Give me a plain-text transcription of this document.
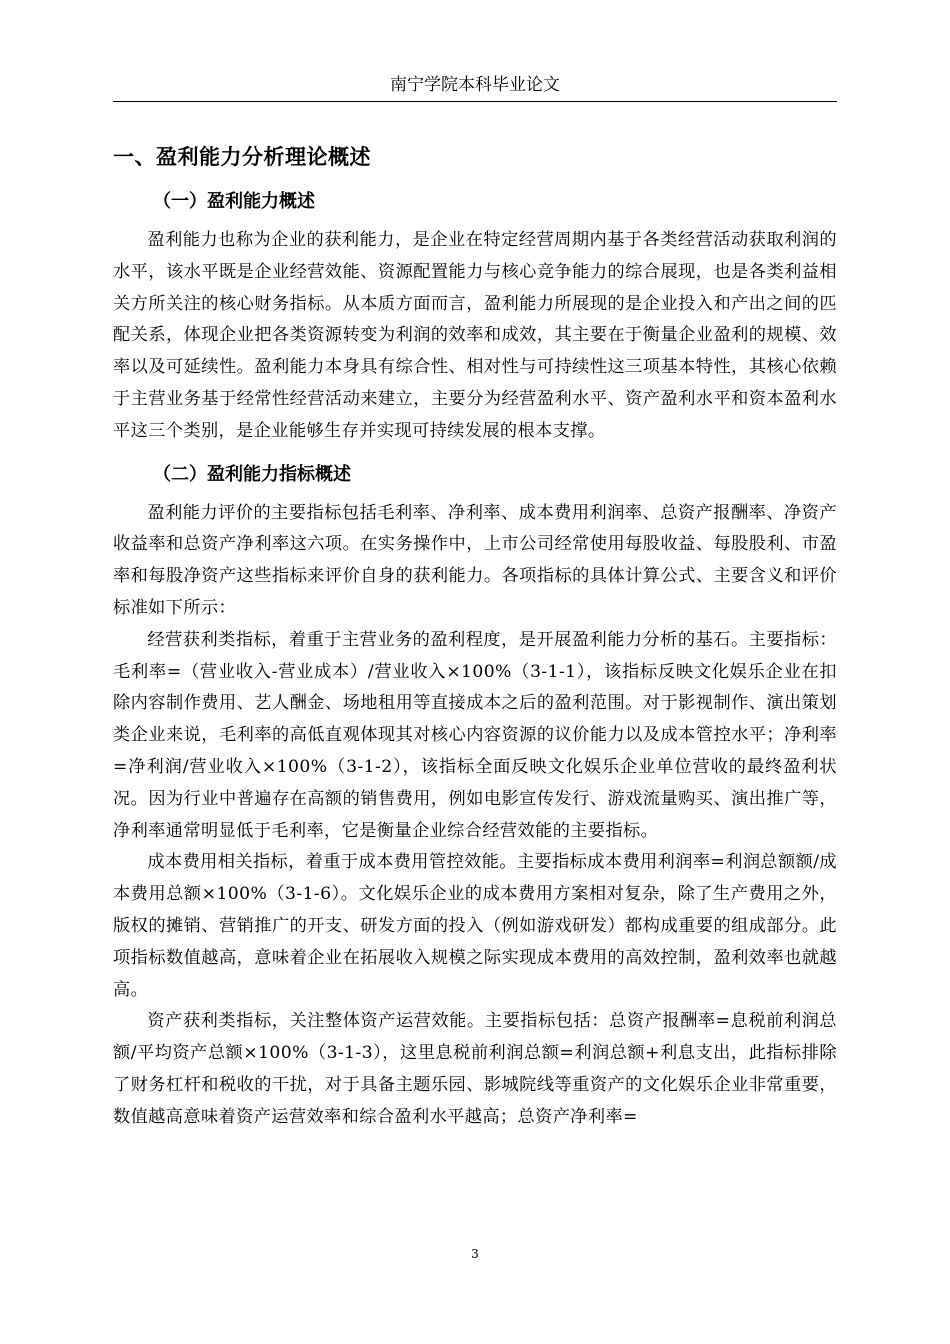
南宁学院本科毕业论文
一、盈利能力分析理论概述
（一）盈利能力概述

盈利能力也称为企业的获利能力，是企业在特定经营周期内基于各类经营活动获取利润的水平，该水平既是企业经营效能、资源配置能力与核心竞争能力的综合展现，也是各类利益相关方所关注的核心财务指标。从本质方面而言，盈利能力所展现的是企业投入和产出之间的匹配关系，体现企业把各类资源转变为利润的效率和成效，其主要在于衡量企业盈利的规模、效率以及可延续性。盈利能力本身具有综合性、相对性与可持续性这三项基本特性，其核心依赖于主营业务基于经常性经营活动来建立，主要分为经营盈利水平、资产盈利水平和资本盈利水平这三个类别，是企业能够生存并实现可持续发展的根本支撑。

（二）盈利能力指标概述

盈利能力评价的主要指标包括毛利率、净利率、成本费用利润率、总资产报酬率、净资产收益率和总资产净利率这六项。在实务操作中，上市公司经常使用每股收益、每股股利、市盈率和每股净资产这些指标来评价自身的获利能力。各项指标的具体计算公式、主要含义和评价标准如下所示：

经营获利类指标，着重于主营业务的盈利程度，是开展盈利能力分析的基石。主要指标：毛利率=（营业收入-营业成本）/营业收入×100%（3-1-1），该指标反映文化娱乐企业在扣除内容制作费用、艺人酬金、场地租用等直接成本之后的盈利范围。对于影视制作、演出策划类企业来说，毛利率的高低直观体现其对核心内容资源的议价能力以及成本管控水平；净利率=净利润/营业收入×100%（3-1-2），该指标全面反映文化娱乐企业单位营收的最终盈利状况。因为行业中普遍存在高额的销售费用，例如电影宣传发行、游戏流量购买、演出推广等，净利率通常明显低于毛利率，它是衡量企业综合经营效能的主要指标。

成本费用相关指标，着重于成本费用管控效能。主要指标成本费用利润率=利润总额额/成本费用总额×100%（3-1-6）。文化娱乐企业的成本费用方案相对复杂，除了生产费用之外，版权的摊销、营销推广的开支、研发方面的投入（例如游戏研发）都构成重要的组成部分。此项指标数值越高，意味着企业在拓展收入规模之际实现成本费用的高效控制，盈利效率也就越高。

资产获利类指标，关注整体资产运营效能。主要指标包括：总资产报酬率=息税前利润总额/平均资产总额×100%（3-1-3），这里息税前利润总额=利润总额+利息支出，此指标排除了财务杠杆和税收的干扰，对于具备主题乐园、影城院线等重资产的文化娱乐企业非常重要，数值越高意味着资产运营效率和综合盈利水平越高；总资产净利率=

3
